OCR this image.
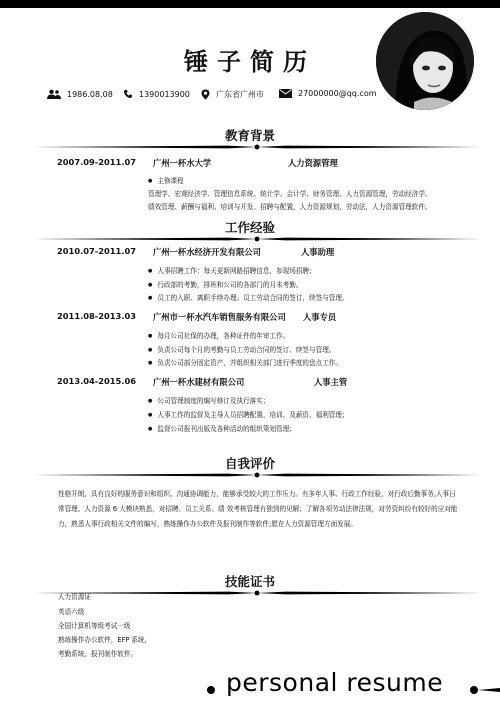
锤子简历
1986.08.08	1390013900	广东省广州市	27000000@qq.com
教育背景
2007.09-2011.07 广州一杯水大学	人力资源管理
● 主修课程
管理学、宏观经济学、管理信息系统、统计学、会计学、财务管理、人力资源管理，劳动经济学、
绩效管理、薪酬与福利、培训与开发、招聘与配置，人力资源规划，劳动法，人力资源管理软件。
工作经验
2010.07-2011.07 广州一杯水经济开发有限公司	人事助理
● 人事招聘工作：每天更新网路招聘信息，参现场招聘；
● 行政部的考勤，排班和公司的各部门的月末考勤。
● 员工的入职、离职手续办理。员工劳动合同的签订，续签与管理。
2011.08-2013.03 广州市一杯水汽车销售服务有限公司 人事专员
● 每月公司社保的办理，各种证件的年审工作。
● 负责公司每个月的考勤与员工劳动合同的签订、续签与管理。
● 负责公司部分固定资产，并组织相关部门进行季度的盘点工作。
2013.04-2015.06 广州一杯水建材有限公司	人事主管
● 公司管理制度的编写修订及执行落实；
● 人事工作的监督及主导人员招聘配置、培训、及薪资、福利管理；
● 监督公司报刊出版及各种活动的组织策划管理；
自我评价
性格开朗，具有良好的服务意识和组织、沟通协调能力，能够承受较大的工作压力。有多年人事、行政工作经验，对行政后勤事务,人事日常管理、人力资源 6 大模块熟悉，对招聘、员工关系、绩 效考核管理有独到的见解；了解各项劳动法律法规，对劳资纠纷有较好的应对能力，熟悉人事行政相关文件的编写，熟练操作办公软件及报刊制作等软件;愿在人力资源管理方面发展。
技能证书
人力资源证
英语六级
全国计算机等级考试一级
熟练操作办公软件，EFP 系统，
考勤系统，报刊制作软件。
personal resume
